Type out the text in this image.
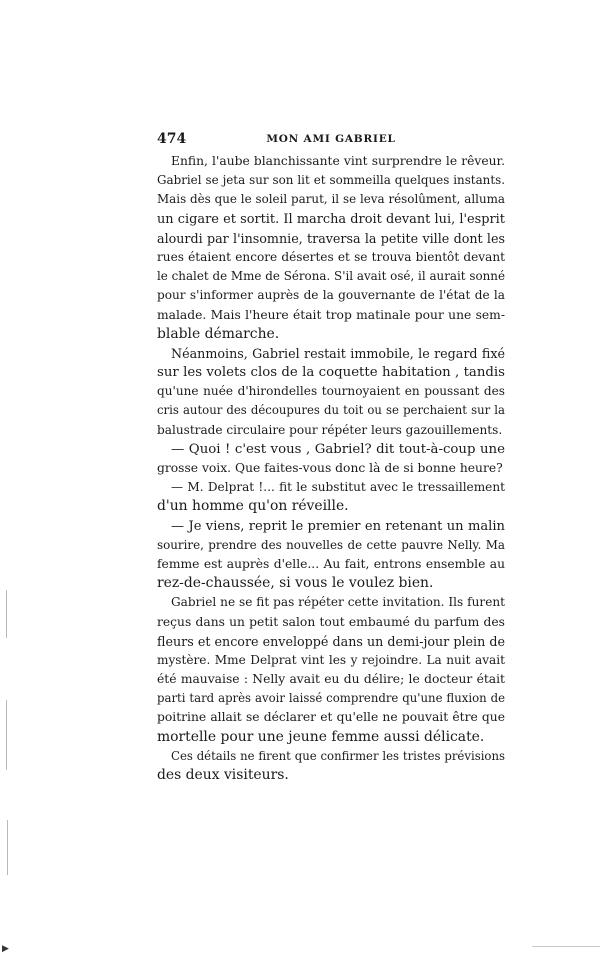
474	MON AMI GABRIEL
Enfin, l'aube blanchissante vint surprendre le rêveur.
Gabriel se jeta sur son lit et sommeilla quelques instants.
Mais dès que le soleil parut, il se leva résolûment, alluma
un cigare et sortit. Il marcha droit devant lui, l'esprit
alourdi par l'insomnie, traversa la petite ville dont les
rues étaient encore désertes et se trouva bientôt devant
le chalet de Mme de Sérona. S'il avait osé, il aurait sonné
pour s'informer auprès de la gouvernante de l'état de la
malade. Mais l'heure était trop matinale pour une sem-
blable démarche.
Néanmoins, Gabriel restait immobile, le regard fixé
sur les volets clos de la coquette habitation , tandis
qu'une nuée d'hirondelles tournoyaient en poussant des
cris autour des découpures du toit ou se perchaient sur la
balustrade circulaire pour répéter leurs gazouillements.
— Quoi ! c'est vous , Gabriel? dit tout-à-coup une
grosse voix. Que faites-vous donc là de si bonne heure?
— M. Delprat !... fit le substitut avec le tressaillement
d'un homme qu'on réveille.
— Je viens, reprit le premier en retenant un malin
sourire, prendre des nouvelles de cette pauvre Nelly. Ma
femme est auprès d'elle... Au fait, entrons ensemble au
rez-de-chaussée, si vous le voulez bien.
Gabriel ne se fit pas répéter cette invitation. Ils furent
reçus dans un petit salon tout embaumé du parfum des
fleurs et encore enveloppé dans un demi-jour plein de
mystère. Mme Delprat vint les y rejoindre. La nuit avait
été mauvaise : Nelly avait eu du délire; le docteur était
parti tard après avoir laissé comprendre qu'une fluxion de
poitrine allait se déclarer et qu'elle ne pouvait être que
mortelle pour une jeune femme aussi délicate.
Ces détails ne firent que confirmer les tristes prévisions
des deux visiteurs.
▶
